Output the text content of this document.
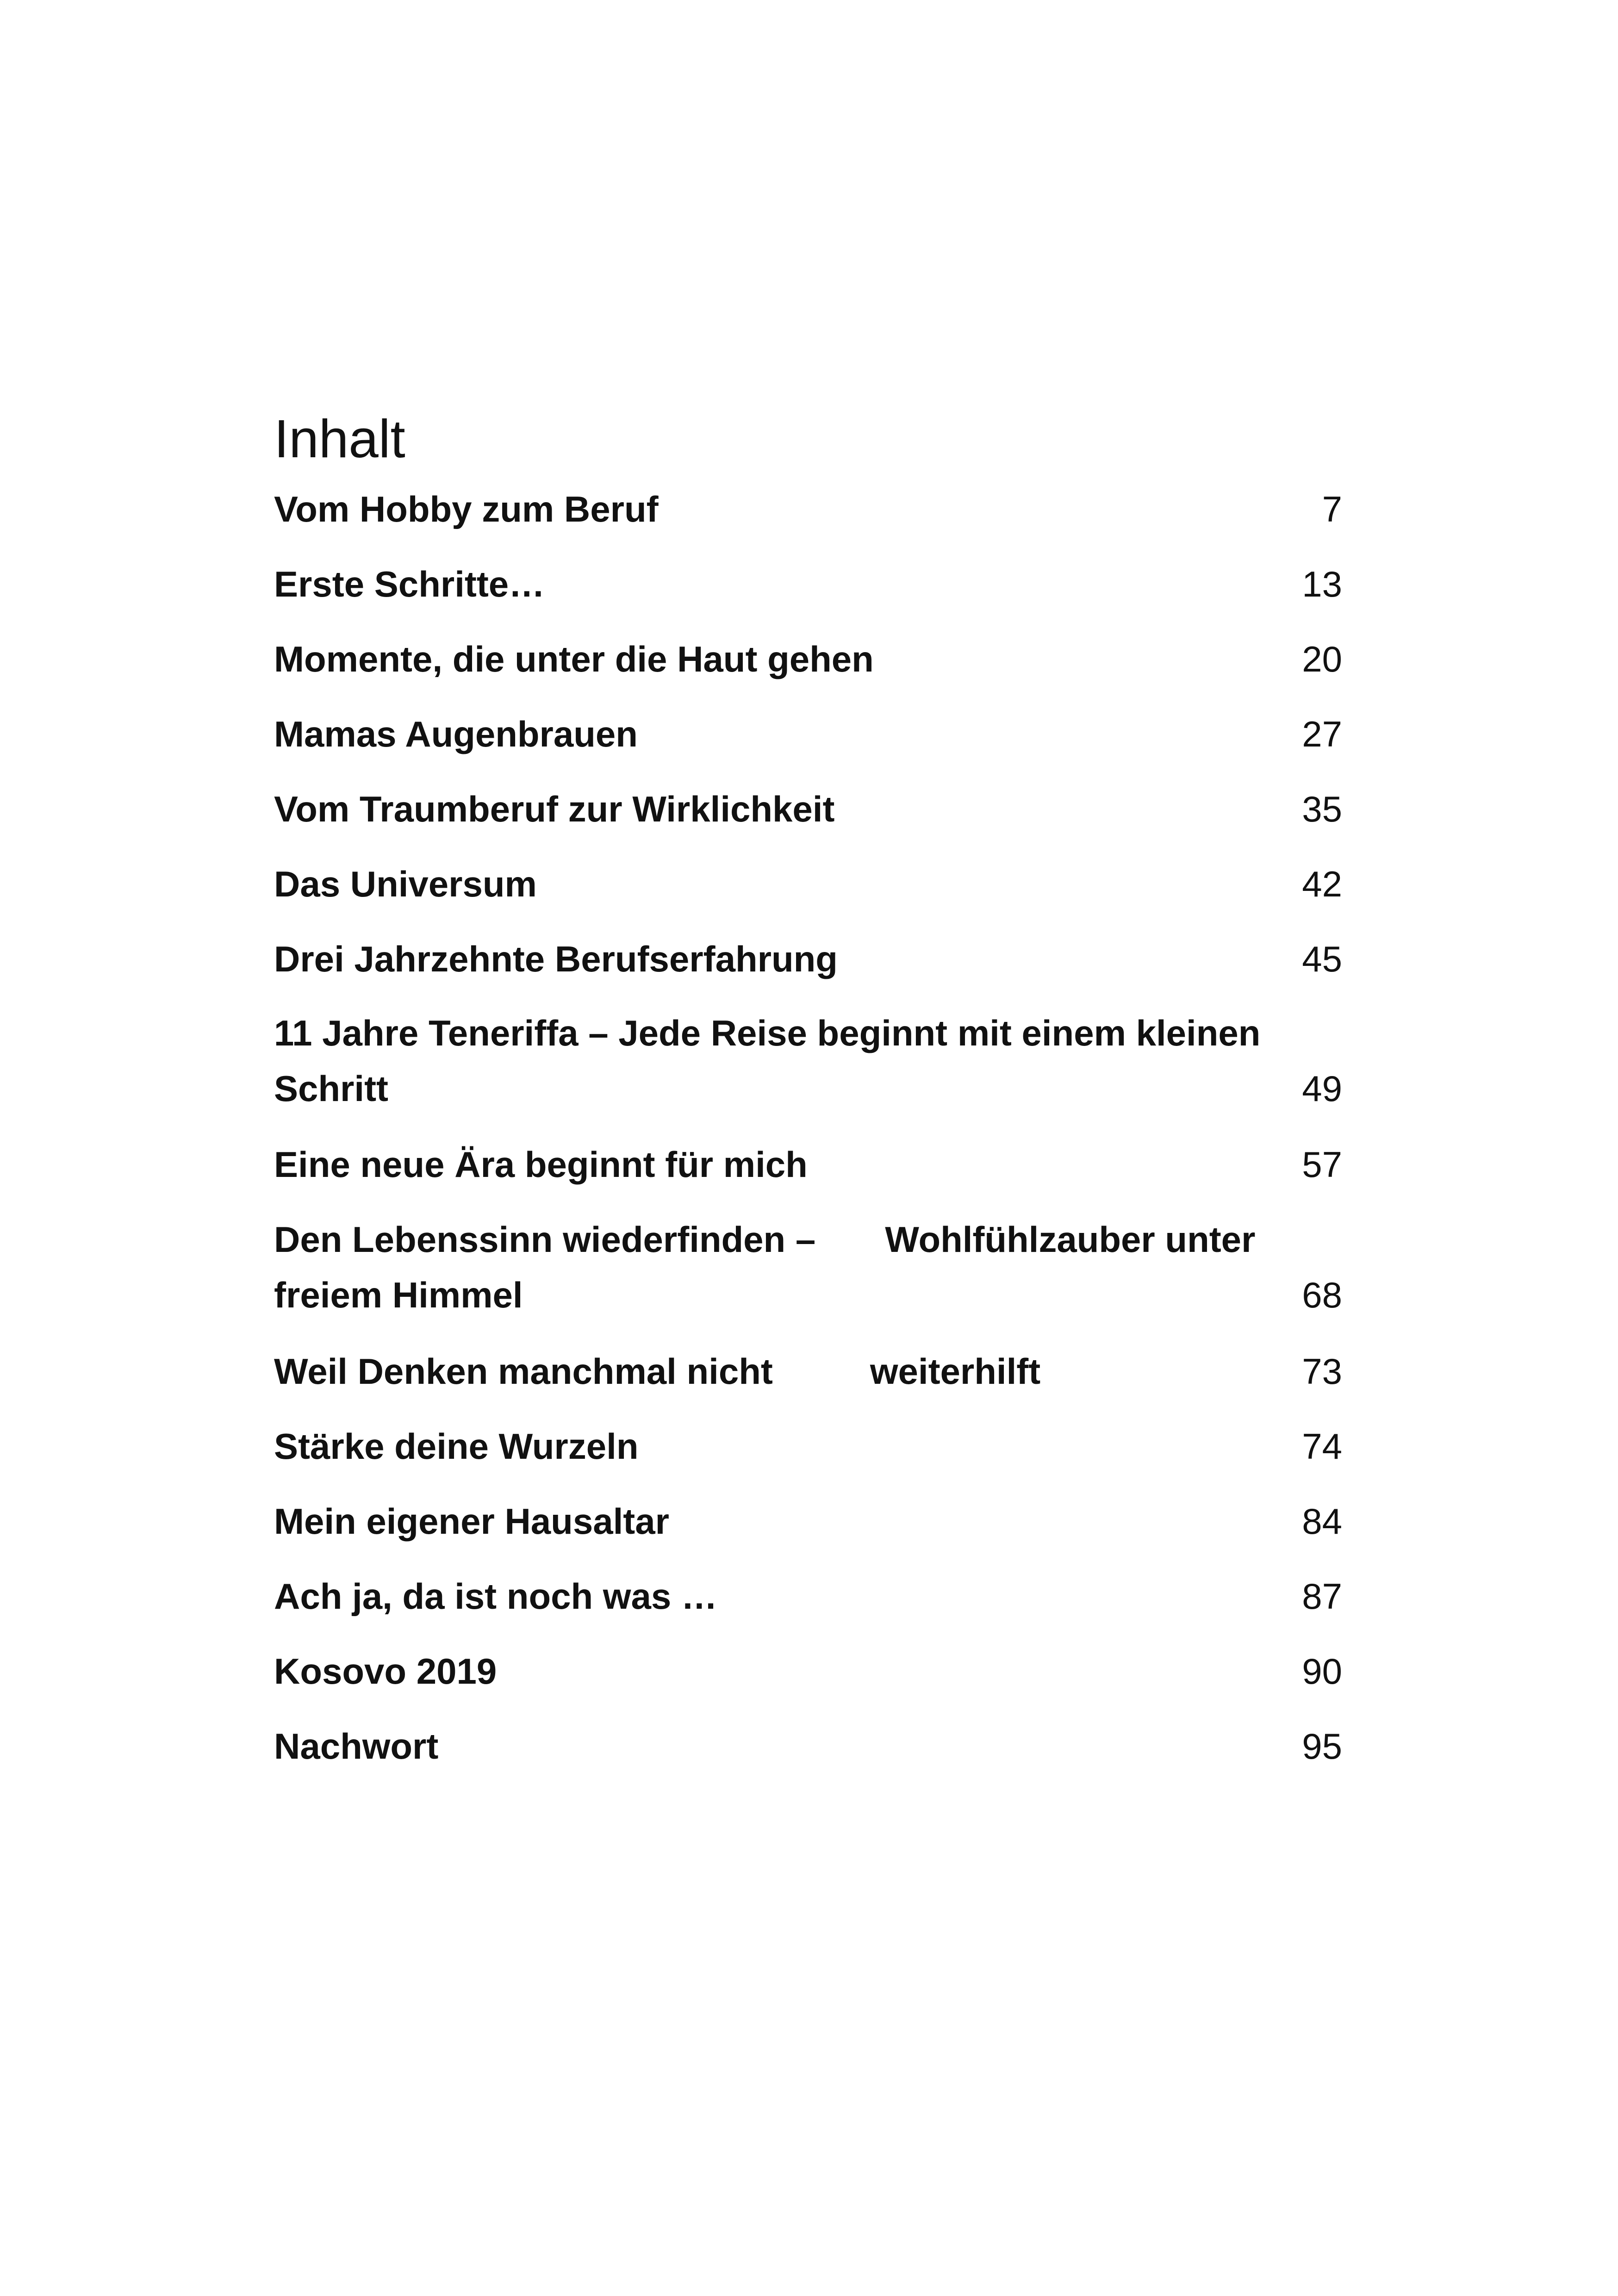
Inhalt
Vom Hobby zum Beruf	7
Erste Schritte…	13
Momente, die unter die Haut gehen	20
Mamas Augenbrauen	27
Vom Traumberuf zur Wirklichkeit	35
Das Universum	42
Drei Jahrzehnte Berufserfahrung	45
11 Jahre Teneriffa – Jede Reise beginnt mit einem kleinen
Schritt	49
Eine neue Ära beginnt für mich	57
Den Lebenssinn wiederfinden – Wohlfühlzauber unter
freiem Himmel	68
Weil Denken manchmal nicht	weiterhilft	73
Stärke deine Wurzeln	74
Mein eigener Hausaltar	84
Ach ja, da ist noch was …	87
Kosovo 2019	90
Nachwort	95
